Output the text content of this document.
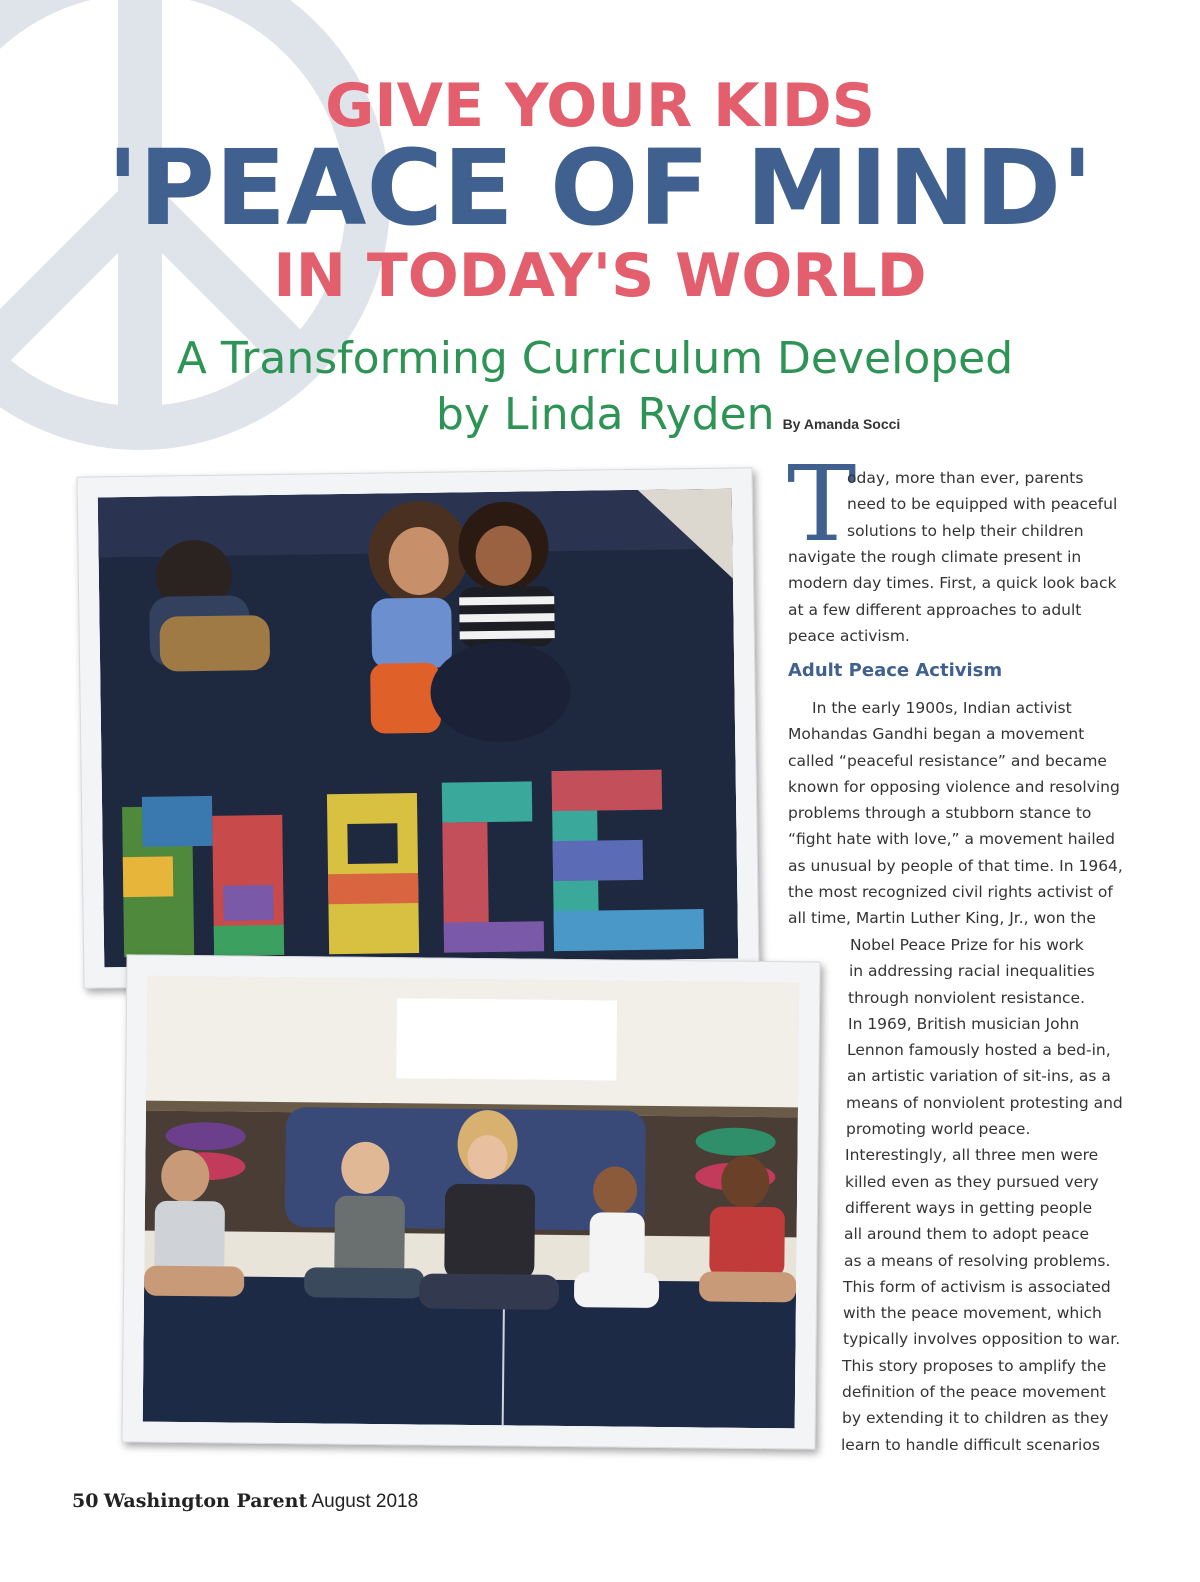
GIVE YOUR KIDS
'PEACE OF MIND'
IN TODAY'S WORLD
A Transforming Curriculum Developed
by Linda Ryden By Amanda Socci
T
oday, more than ever, parents
need to be equipped with peaceful
solutions to help their children
navigate the rough climate present in
modern day times. First, a quick look back
at a few different approaches to adult
peace activism.
Adult Peace Activism
In the early 1900s, Indian activist
Mohandas Gandhi began a movement
called “peaceful resistance” and became
known for opposing violence and resolving
problems through a stubborn stance to
“fight hate with love,” a movement hailed
as unusual by people of that time. In 1964,
the most recognized civil rights activist of
all time, Martin Luther King, Jr., won the
Nobel Peace Prize for his work
in addressing racial inequalities
through nonviolent resistance.
In 1969, British musician John
Lennon famously hosted a bed-in,
an artistic variation of sit-ins, as a
means of nonviolent protesting and
promoting world peace.
Interestingly, all three men were
killed even as they pursued very
different ways in getting people
all around them to adopt peace
as a means of resolving problems.
This form of activism is associated
with the peace movement, which
typically involves opposition to war.
This story proposes to amplify the
definition of the peace movement
by extending it to children as they
learn to handle difficult scenarios
50 Washington Parent August 2018
